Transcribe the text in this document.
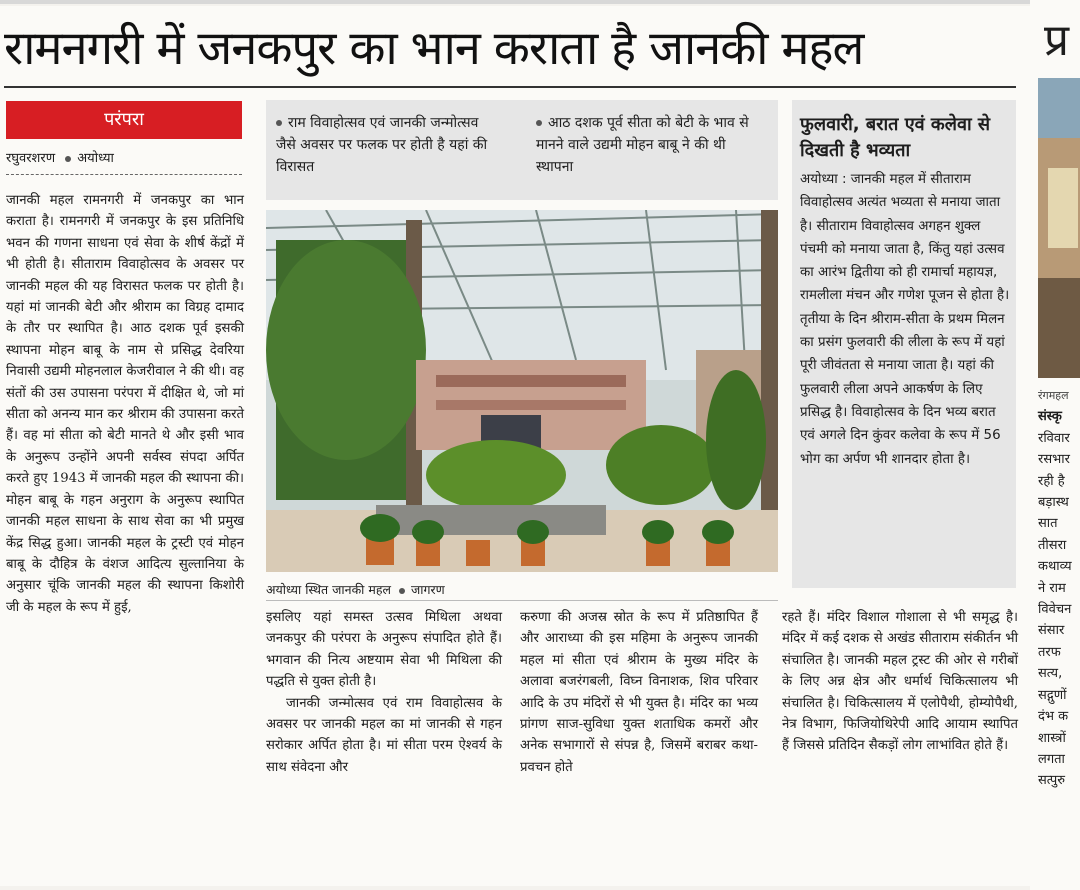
रामनगरी में जनकपुर का भान कराता है जानकी महल
परंपरा
रघुवरशरण अयोध्या

जानकी महल रामनगरी में जनकपुर का भान कराता है। रामनगरी में जनकपुर के इस प्रतिनिधि भवन की गणना साधना एवं सेवा के शीर्ष केंद्रों में भी होती है। सीताराम विवाहोत्सव के अवसर पर जानकी महल की यह विरासत फलक पर होती है। यहां मां जानकी बेटी और श्रीराम का विग्रह दामाद के तौर पर स्थापित है। आठ दशक पूर्व इसकी स्थापना मोहन बाबू के नाम से प्रसिद्ध देवरिया निवासी उद्यमी मोहनलाल केजरीवाल ने की थी। वह संतों की उस उपासना परंपरा में दीक्षित थे, जो मां सीता को अनन्य मान कर श्रीराम की उपासना करते हैं। वह मां सीता को बेटी मानते थे और इसी भाव के अनुरूप उन्होंने अपनी सर्वस्व संपदा अर्पित करते हुए 1943 में जानकी महल की स्थापना की। मोहन बाबू के गहन अनुराग के अनुरूप स्थापित जानकी महल साधना के साथ सेवा का भी प्रमुख केंद्र सिद्ध हुआ। जानकी महल के ट्रस्टी एवं मोहन बाबू के दौहित्र के वंशज आदित्य सुल्तानिया के अनुसार चूंकि जानकी महल की स्थापना किशोरी जी के महल के रूप में हुई,

राम विवाहोत्सव एवं जानकी जन्मोत्सव जैसे अवसर पर फलक पर होती है यहां की विरासत
आठ दशक पूर्व सीता को बेटी के भाव से मानने वाले उद्यमी मोहन बाबू ने की थी स्थापना
अयोध्या स्थित जानकी महल जागरण

इसलिए यहां समस्त उत्सव मिथिला अथवा जनकपुर की परंपरा के अनुरूप संपादित होते हैं। भगवान की नित्य अष्टयाम सेवा भी मिथिला की पद्धति से युक्त होती है।

जानकी जन्मोत्सव एवं राम विवाहोत्सव के अवसर पर जानकी महल का मां जानकी से गहन सरोकार अर्पित होता है। मां सीता परम ऐश्वर्य के साथ संवेदना और

करुणा की अजस्र स्रोत के रूप में प्रतिष्ठापित हैं और आराध्या की इस महिमा के अनुरूप जानकी महल मां सीता एवं श्रीराम के मुख्य मंदिर के अलावा बजरंगबली, विघ्न विनाशक, शिव परिवार आदि के उप मंदिरों से भी युक्त है। मंदिर का भव्य प्रांगण साज-सुविधा युक्त शताधिक कमरों और अनेक सभागारों से संपन्न है, जिसमें बराबर कथा-प्रवचन होते

रहते हैं। मंदिर विशाल गोशाला से भी समृद्ध है। मंदिर में कई दशक से अखंड सीताराम संकीर्तन भी संचालित है। जानकी महल ट्रस्ट की ओर से गरीबों के लिए अन्न क्षेत्र और धर्मार्थ चिकित्सालय भी संचालित है। चिकित्सालय में एलोपैथी, होम्योपैथी, नेत्र विभाग, फिजियोथिरेपी आदि आयाम स्थापित हैं जिससे प्रतिदिन सैकड़ों लोग लाभांवित होते हैं।

फुलवारी, बरात एवं कलेवा से दिखती है भव्यता
अयोध्या : जानकी महल में सीताराम विवाहोत्सव अत्यंत भव्यता से मनाया जाता है। सीताराम विवाहोत्सव अगहन शुक्ल पंचमी को मनाया जाता है, किंतु यहां उत्सव का आरंभ द्वितीया को ही रामार्चा महायज्ञ, रामलीला मंचन और गणेश पूजन से होता है। तृतीया के दिन श्रीराम-सीता के प्रथम मिलन का प्रसंग फुलवारी की लीला के रूप में यहां पूरी जीवंतता से मनाया जाता है। यहां की फुलवारी लीला अपने आकर्षण के लिए प्रसिद्ध है। विवाहोत्सव के दिन भव्य बरात एवं अगले दिन कुंवर कलेवा के रूप में 56 भोग का अर्पण भी शानदार होता है।
प्र
रंगमहल
संस्कृ
रविवार
रसभार
रही है
बड़ास्थ
सात
तीसरा
कथाव्य
ने राम
विवेचन
संसार
तरफ
सत्य,
सद्गुणों
दंभ क
शास्त्रों
लगता
सत्पुरु
